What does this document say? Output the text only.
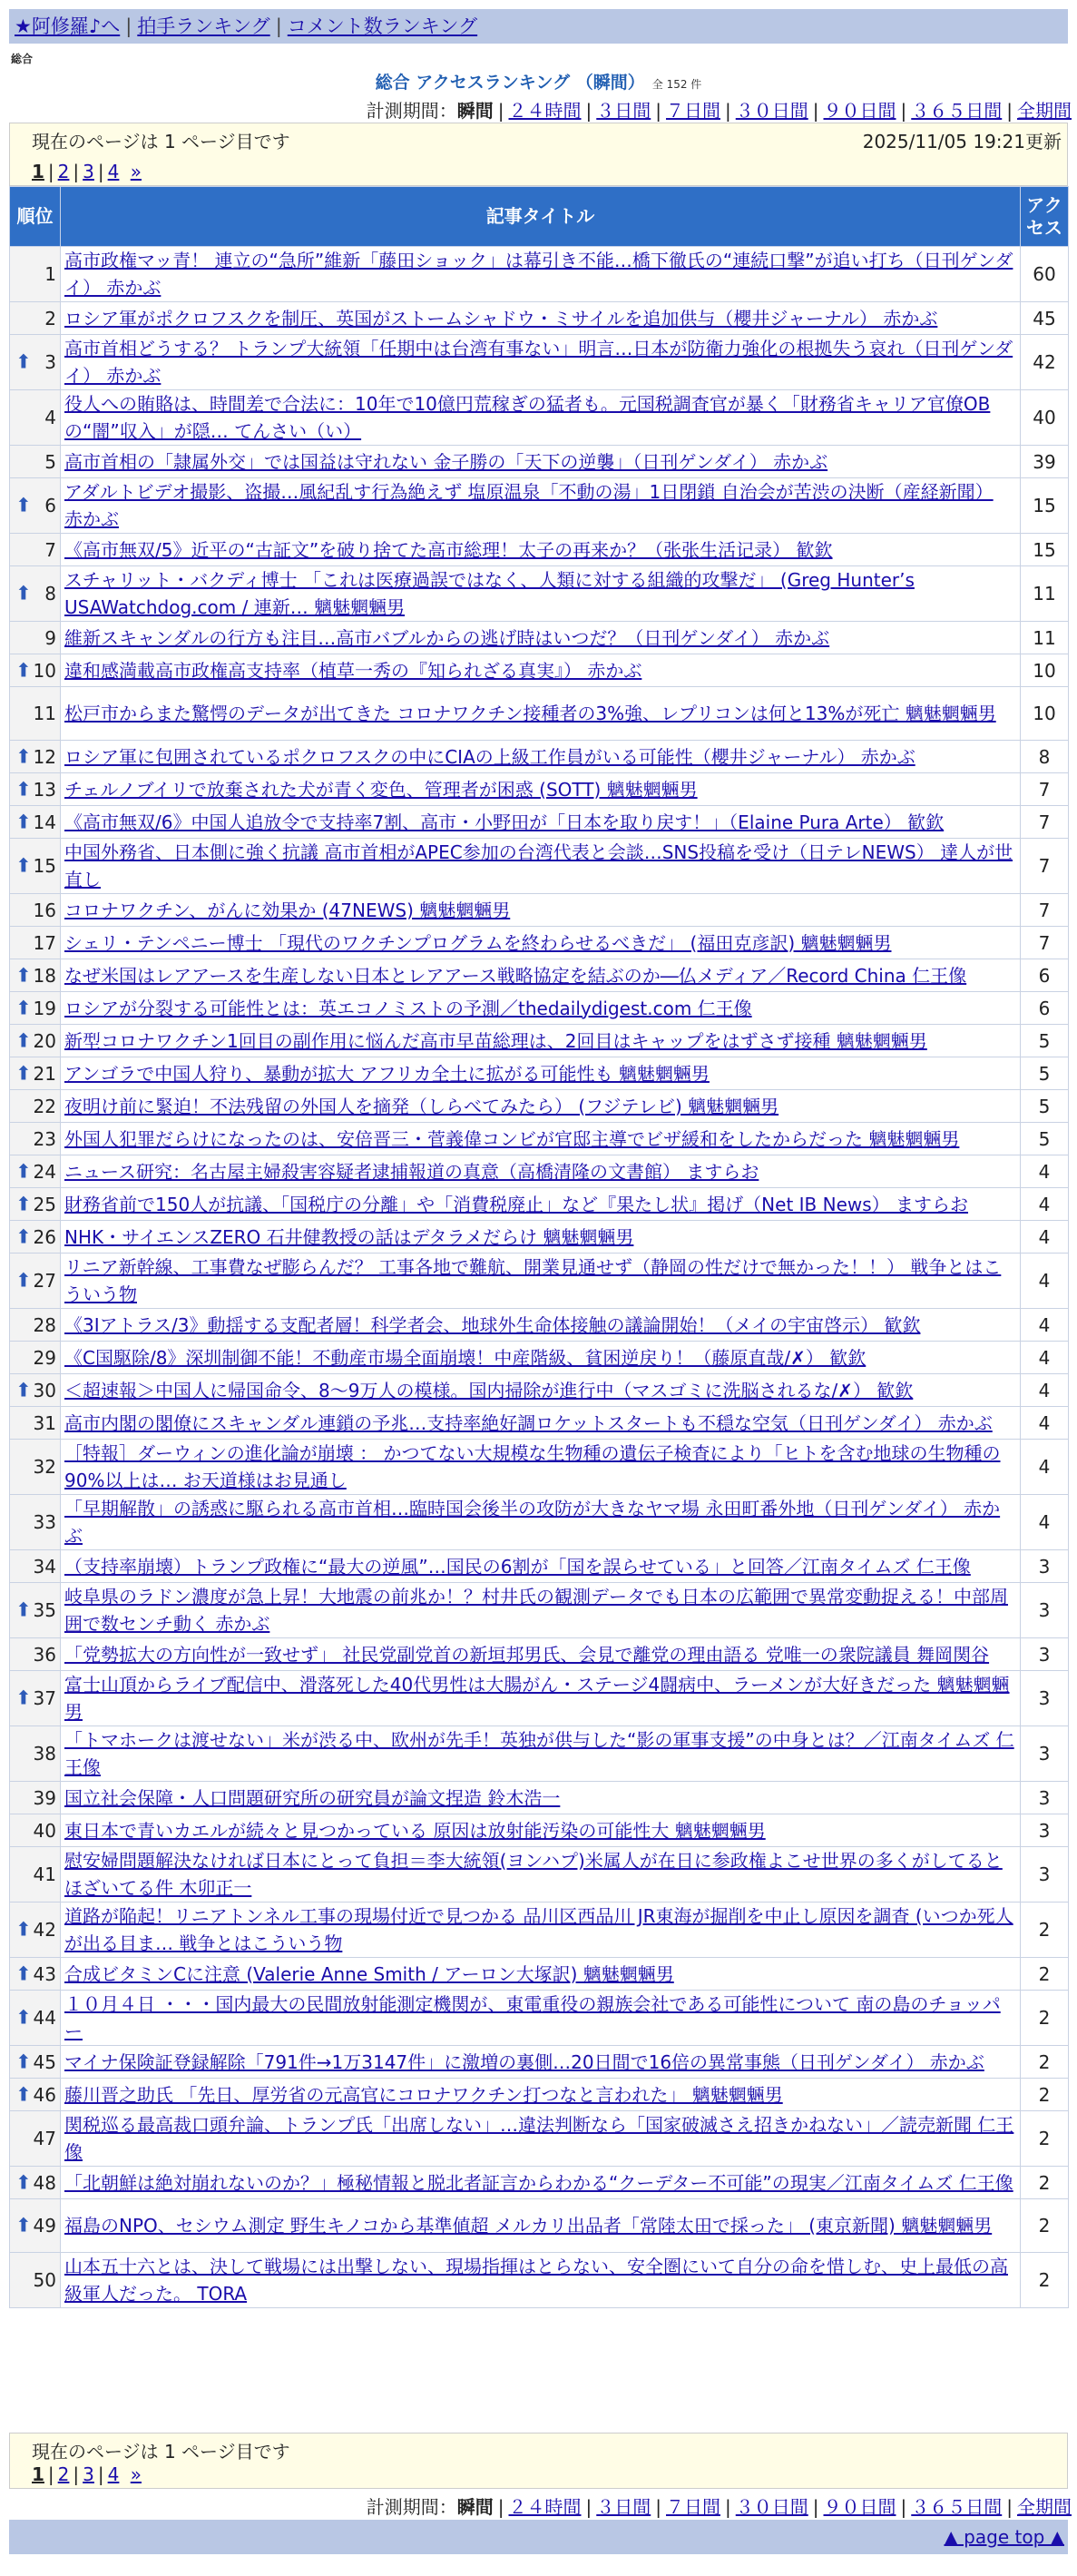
★阿修羅♪へ | 拍手ランキング | コメント数ランキング
総合
総合 アクセスランキング （瞬間） 全 152 件
計測期間：瞬間 | ２４時間 | ３日間 | ７日間 | ３０日間 | ９０日間 | ３６５日間 | 全期間
現在のページは 1 ページ目です	2025/11/05 19:21更新
1 | 2 | 3 | 4 »
順位	記事タイトル	アクセス
1	高市政権マッ青！ 連立の“急所”維新「藤田ショック」は幕引き不能…橋下徹氏の“連続口撃”が追い打ち（日刊ゲンダイ） 赤かぶ	60
2	ロシア軍がポクロフスクを制圧、英国がストームシャドウ・ミサイルを追加供与（櫻井ジャーナル） 赤かぶ	45

⬆ 3	高市首相どうする？ トランプ大統領「任期中は台湾有事ない」明言…日本が防衛力強化の根拠失う哀れ（日刊ゲンダイ） 赤かぶ	42
4	役人への賄賂は、時間差で合法に：10年で10億円荒稼ぎの猛者も。元国税調査官が暴く「財務省キャリア官僚OBの“闇”収入」が隠… てんさい（い）	40
5	高市首相の「隷属外交」では国益は守れない 金子勝の「天下の逆襲」（日刊ゲンダイ） 赤かぶ	39

⬆ 6	アダルトビデオ撮影、盗撮…風紀乱す行為絶えず 塩原温泉「不動の湯」1日閉鎖 自治会が苦渋の決断（産経新聞） 赤かぶ	15
7	《高市無双/5》近平の“古証文”を破り捨てた高市総理！太子の再来か？（张张生活记录） 歓欽	15

⬆ 8	スチャリット・バクディ博士 「これは医療過誤ではなく、人類に対する組織的攻撃だ」 (Greg Hunter’s USAWatchdog.com / 連新… 魑魅魍魎男	11
9	維新スキャンダルの行方も注目…高市バブルからの逃げ時はいつだ？（日刊ゲンダイ） 赤かぶ	11

⬆ 10	違和感満載高市政権高支持率（植草一秀の『知られざる真実』） 赤かぶ	10
11	松戸市からまた驚愕のデータが出てきた コロナワクチン接種者の3%強、レプリコンは何と13%が死亡 魑魅魍魎男	10

⬆ 12	ロシア軍に包囲されているポクロフスクの中にCIAの上級工作員がいる可能性（櫻井ジャーナル） 赤かぶ	8

⬆ 13	チェルノブイリで放棄された犬が青く変色、管理者が困惑 (SOTT) 魑魅魍魎男	7

⬆ 14	《高市無双/6》中国人追放令で支持率7割、高市・小野田が「日本を取り戻す！」（Elaine Pura Arte） 歓欽	7

⬆ 15	中国外務省、日本側に強く抗議 高市首相がAPEC参加の台湾代表と会談…SNS投稿を受け（日テレNEWS） 達人が世直し	7
16	コロナワクチン、がんに効果か (47NEWS) 魑魅魍魎男	7
17	シェリ・テンペニー博士 「現代のワクチンプログラムを終わらせるべきだ」 (福田克彦訳) 魑魅魍魎男	7

⬆ 18	なぜ米国はレアアースを生産しない日本とレアアース戦略協定を結ぶのか―仏メディア／Record China 仁王像	6

⬆ 19	ロシアが分裂する可能性とは：英エコノミストの予測／thedailydigest.com 仁王像	6

⬆ 20	新型コロナワクチン1回目の副作用に悩んだ高市早苗総理は、2回目はキャップをはずさず接種 魑魅魍魎男	5

⬆ 21	アンゴラで中国人狩り、暴動が拡大 アフリカ全土に拡がる可能性も 魑魅魍魎男	5
22	夜明け前に緊迫！不法残留の外国人を摘発（しらべてみたら） (フジテレビ) 魑魅魍魎男	5
23	外国人犯罪だらけになったのは、安倍晋三・菅義偉コンビが官邸主導でビザ緩和をしたからだった 魑魅魍魎男	5

⬆ 24	ニュース研究：名古屋主婦殺害容疑者逮捕報道の真意（高橋清隆の文書館） ますらお	4

⬆ 25	財務省前で150人が抗議、「国税庁の分離」や「消費税廃止」など『果たし状』掲げ（Net IB News） ますらお	4

⬆ 26	NHK・サイエンスZERO 石井健教授の話はデタラメだらけ 魑魅魍魎男	4

⬆ 27	リニア新幹線、工事費なぜ膨らんだ？ 工事各地で難航、開業見通せず（静岡の性だけで無かった！！） 戦争とはこういう物	4
28	《3Iアトラス/3》動揺する支配者層！科学者会、地球外生命体接触の議論開始！（メイの宇宙啓示） 歓欽	4
29	《C国駆除/8》深圳制御不能！不動産市場全面崩壊！中産階級、貧困逆戻り！（藤原直哉/✗） 歓欽	4

⬆ 30	＜超速報＞中国人に帰国命令、8〜9万人の模様。国内掃除が進行中（マスゴミに洗脳されるな/✗） 歓欽	4
31	高市内閣の閣僚にスキャンダル連鎖の予兆…支持率絶好調ロケットスタートも不穏な空気（日刊ゲンダイ） 赤かぶ	4
32	［特報］ダーウィンの進化論が崩壊 ： かつてない大規模な生物種の遺伝子検査により「ヒトを含む地球の生物種の90%以上は… お天道様はお見通し	4
33	「早期解散」の誘惑に駆られる高市首相…臨時国会後半の攻防が大きなヤマ場 永田町番外地（日刊ゲンダイ） 赤かぶ	4
34	（支持率崩壊）トランプ政権に“最大の逆風”…国民の6割が「国を誤らせている」と回答／江南タイムズ 仁王像	3

⬆ 35	岐阜県のラドン濃度が急上昇！大地震の前兆か！？村井氏の観測データでも日本の広範囲で異常変動捉える！中部周囲で数センチ動く 赤かぶ	3
36	「党勢拡大の方向性が一致せず」 社民党副党首の新垣邦男氏、会見で離党の理由語る 党唯一の衆院議員 舞岡関谷	3

⬆ 37	富士山頂からライブ配信中、滑落死した40代男性は大腸がん・ステージ4闘病中、ラーメンが大好きだった 魑魅魍魎男	3
38	「トマホークは渡せない」米が渋る中、欧州が先手！英独が供与した“影の軍事支援”の中身とは？／江南タイムズ 仁王像	3
39	国立社会保障・人口問題研究所の研究員が論文捏造 鈴木浩一	3
40	東日本で青いカエルが続々と見つかっている 原因は放射能汚染の可能性大 魑魅魍魎男	3
41	慰安婦問題解決なければ日本にとって負担＝李大統領(ヨンハプ)米属人が在日に参政権よこせ世界の多くがしてるとほざいてる件 木卯正一	3

⬆ 42	道路が陥起！リニアトンネル工事の現場付近で見つかる 品川区西品川 JR東海が掘削を中止し原因を調査 (いつか死人が出る目ま… 戦争とはこういう物	2

⬆ 43	合成ビタミンCに注意 (Valerie Anne Smith / アーロン大塚訳) 魑魅魍魎男	2

⬆ 44	１０月４日 ・・・国内最大の民間放射能測定機関が、東電重役の親族会社である可能性について 南の島のチョッパー	2

⬆ 45	マイナ保険証登録解除「791件→1万3147件」に激増の裏側…20日間で16倍の異常事態（日刊ゲンダイ） 赤かぶ	2

⬆ 46	藤川晋之助氏 「先日、厚労省の元高官にコロナワクチン打つなと言われた」 魑魅魍魎男	2
47	関税巡る最高裁口頭弁論、トランプ氏「出席しない」…違法判断なら「国家破滅さえ招きかねない」／読売新聞 仁王像	2

⬆ 48	「北朝鮮は絶対崩れないのか？」極秘情報と脱北者証言からわかる“クーデター不可能”の現実／江南タイムズ 仁王像	2

⬆ 49	福島のNPO、セシウム測定 野生キノコから基準値超 メルカリ出品者「常陸太田で採った」 (東京新聞) 魑魅魍魎男	2
50	山本五十六とは、決して戦場には出撃しない、現場指揮はとらない、安全圏にいて自分の命を惜しむ、史上最低の高級軍人だった。 TORA	2
現在のページは 1 ページ目です
1 | 2 | 3 | 4 »
計測期間：瞬間 | ２４時間 | ３日間 | ７日間 | ３０日間 | ９０日間 | ３６５日間 | 全期間
▲ page top ▲
